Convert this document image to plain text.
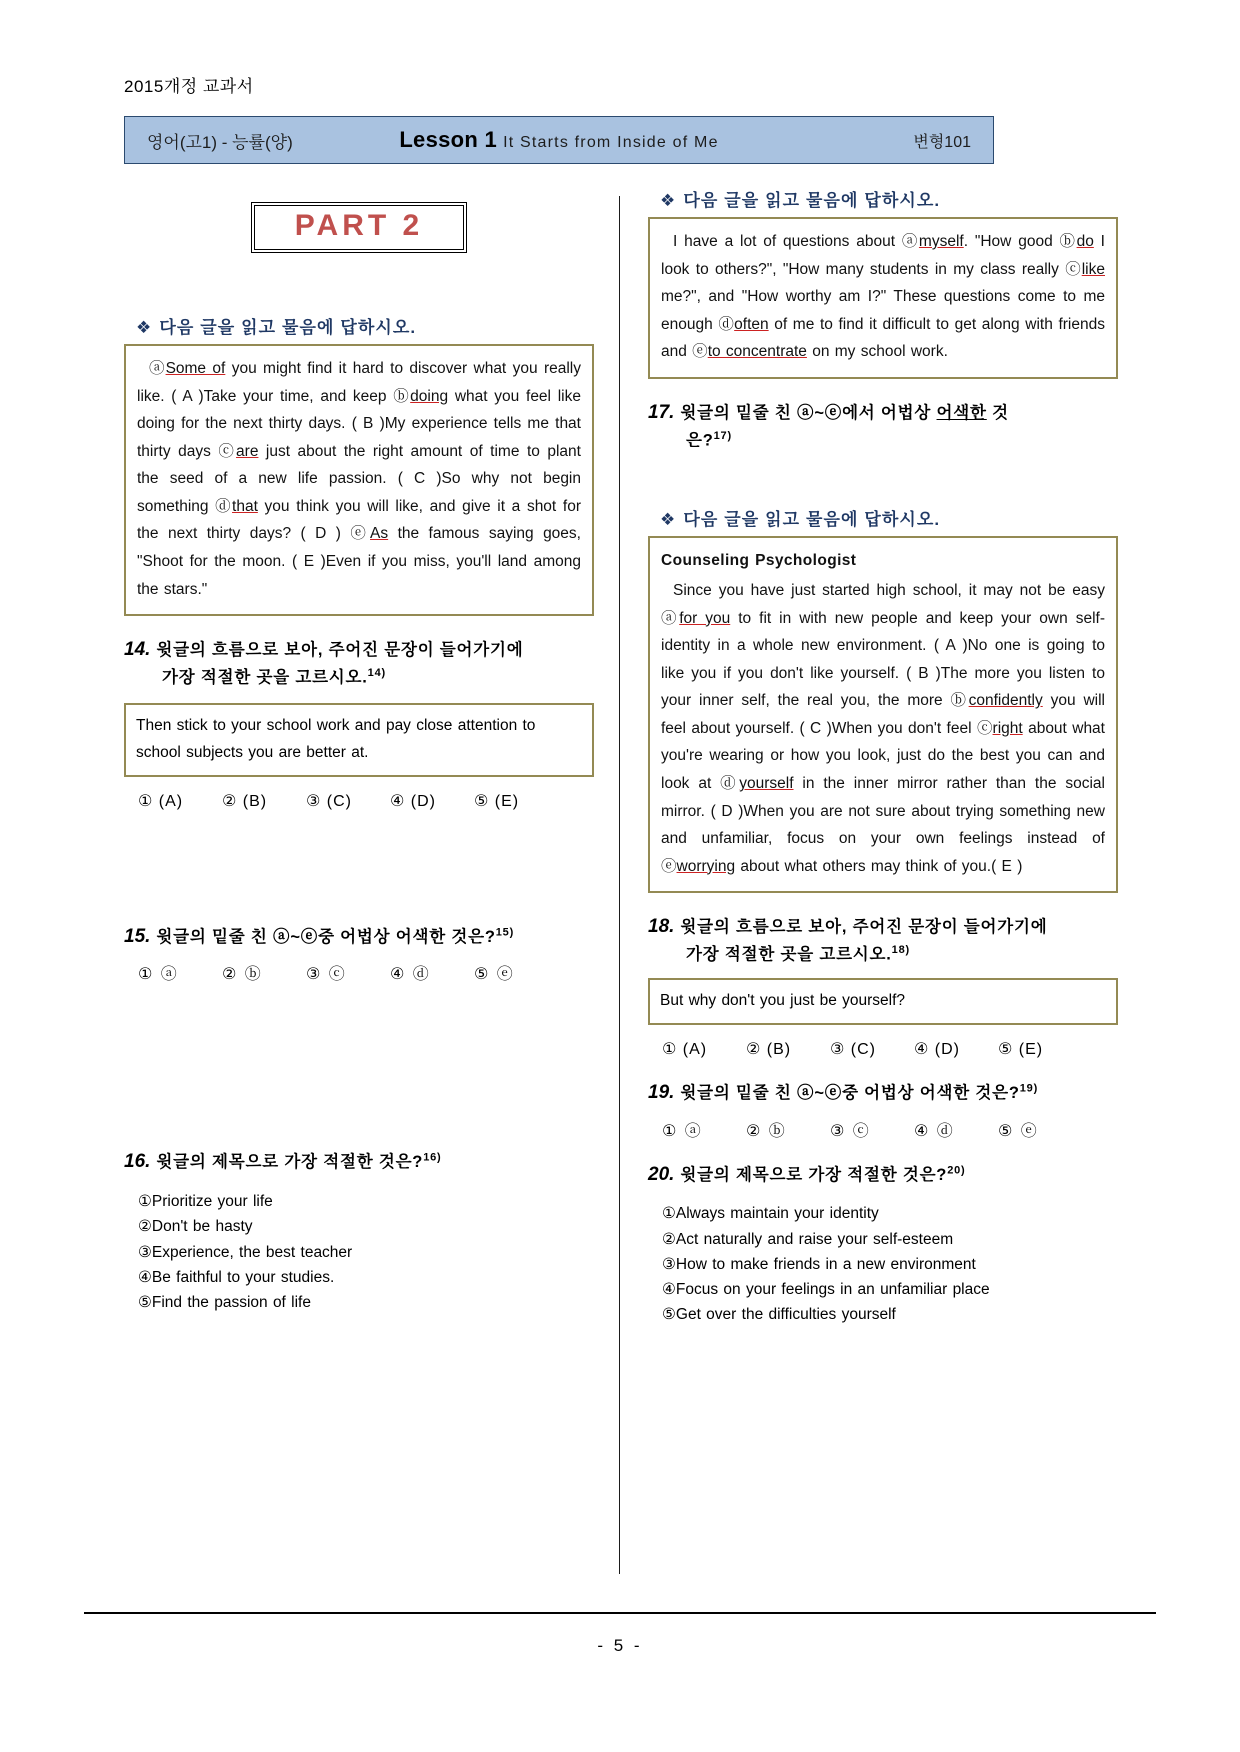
2015개정 교과서
영어(고1) - 능률(양)	Lesson 1 It Starts from Inside of Me	변형101
PART 2
❖ 다음 글을 읽고 물음에 답하시오.

ⓐSome of you might find it hard to discover what you really like. ( A )Take your time, and keep ⓑdoing what you feel like doing for the next thirty days. ( B )My experience tells me that thirty days ⓒare just about the right amount of time to plant the seed of a new life passion. ( C )So why not begin something ⓓthat you think you will like, and give it a shot for the next thirty days? ( D ) ⓔAs the famous saying goes, "Shoot for the moon. ( E )Even if you miss, you'll land among the stars."

14. 윗글의 흐름으로 보아, 주어진 문장이 들어가기에
가장 적절한 곳을 고르시오.$^{14)}$
Then stick to your school work and pay close attention to school subjects you are better at.
① (A)	② (B)	③ (C)	④ (D)	⑤ (E)
15. 윗글의 밑줄 친 ⓐ~ⓔ중 어법상 어색한 것은?$^{15)}$
① ⓐ	② ⓑ	③ ⓒ	④ ⓓ	⑤ ⓔ
16. 윗글의 제목으로 가장 적절한 것은?$^{16)}$
①Prioritize your life
②Don't be hasty
③Experience, the best teacher
④Be faithful to your studies.
⑤Find the passion of life
❖ 다음 글을 읽고 물음에 답하시오.

I have a lot of questions about ⓐmyself. "How good ⓑdo I look to others?", "How many students in my class really ⓒlike me?", and "How worthy am I?" These questions come to me enough ⓓoften of me to find it difficult to get along with friends and ⓔto concentrate on my school work.

17. 윗글의 밑줄 친 ⓐ~ⓔ에서 어법상 어색한 것
은?$^{17)}$
❖ 다음 글을 읽고 물음에 답하시오.
Counseling Psychologist

Since you have just started high school, it may not be easy ⓐfor you to fit in with new people and keep your own self-identity in a whole new environment. ( A )No one is going to like you if you don't like yourself. ( B )The more you listen to your inner self, the real you, the more ⓑconfidently you will feel about yourself. ( C )When you don't feel ⓒright about what you're wearing or how you look, just do the best you can and look at ⓓyourself in the inner mirror rather than the social mirror. ( D )When you are not sure about trying something new and unfamiliar, focus on your own feelings instead of ⓔworrying about what others may think of you.( E )

18. 윗글의 흐름으로 보아, 주어진 문장이 들어가기에
가장 적절한 곳을 고르시오.$^{18)}$
But why don't you just be yourself?
① (A)	② (B)	③ (C)	④ (D)	⑤ (E)
19. 윗글의 밑줄 친 ⓐ~ⓔ중 어법상 어색한 것은?$^{19)}$
① ⓐ	② ⓑ	③ ⓒ	④ ⓓ	⑤ ⓔ
20. 윗글의 제목으로 가장 적절한 것은?$^{20)}$
①Always maintain your identity
②Act naturally and raise your self-esteem
③How to make friends in a new environment
④Focus on your feelings in an unfamiliar place
⑤Get over the difficulties yourself
- 5 -
